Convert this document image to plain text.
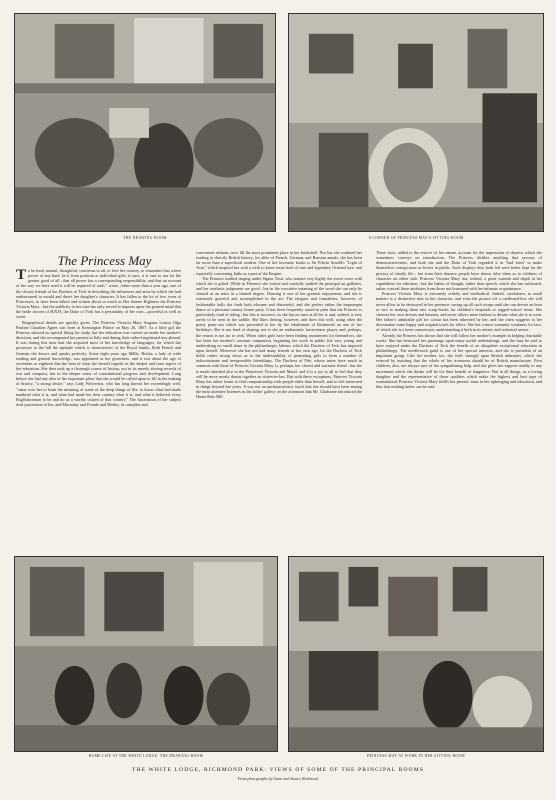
THE DRAWING-ROOM	A CORNER OF PRINCESS MAY'S SITTING-ROOM
The Princess May

To be kind, natural, thoughtful, courteous to all, to love her country, to remember that where power of any kind, be it from position or individual gifts, is ours, it is ours to use for the greater good of all ; that all power has a corresponding responsibility, and that an account of the way we have used it will be required of such," wrote, rather more than a year ago, one of the closest friends of the Duchess of Teck in describing the influences and aims by which she had endeavoured to mould and direct her daughter's character. It has fallen to the lot of few, even of Princesses, to have been talked and written about so much as Her Serene Highness the Princess Victoria Mary : but the publicity in her case has only served to impress upon the general mind that the bride chosen of H.R.H. the Duke of York has a personality of her own—powerful as well as sweet.

Biographical details are quickly given. The Princess Victoria Mary Augusta Louisa Olga Pauline Claudine Agnes was born at Kensington Palace on May 26, 1867. As a little girl the Princess showed no special liking for study, but her education was carried on under her mother's direction, and she accompanied her parents to Italy and during their rather lengthened stay abroad. It was during this time that she acquired most of her knowledge of languages, for which she possesses to the full the aptitude which is characteristic of the Royal family. Both French and German she knows and speaks perfectly. Some eight years ago Mdlle. Bricka, a lady of wide reading and general knowledge, was appointed as her governess, and it was about the age of seventeen or eighteen that the bent of what she herself regards as the deeper and truer aspect of her education. She then took up a thorough course of history, not in its merely stirring records of war and conquest, but in the deeper sense of constitutional progress and development. Long before she had any idea of the important place that she would be called upon to fill in the making of history, "a strong desire," says Lady Wolverton, who has long known her exceedingly well, "came over her to learn the meaning of some of the deep things of life, to know what had made mankind what it is, and what had made her dear country what it is, and what it behoved every Englishwoman to be and do as a worthy citizen of that country." The fascination of her subject took possession of her, and Macaulay and Froude and Motley, in complete and

convenient editions, now fill the most prominent place in her bookshelf. Nor has she confined her reading to directly British history, for alike of French, German, and Russian annals, she has been far more than a superficial student. One of her favourite books is Sir Edwin Arnold's "Light of Asia," which inspired her with a wish to know more both of true and legendary Oriental lore, and especially concerning India as a part of the Empire.

The Princess studied singing under Signor Tosti, who trained very highly the sweet voice with which she is gifted. While in Florence she visited and carefully studied the principal art galleries, and her aesthetic judgments are good ; but in the executive meaning of the word she can only be classed as an artist in a limited degree. Dancing is one of her greatest enjoyments, and she is extremely graceful and accomplished in the art. The fatigues and formalities, however, of fashionable balls she finds both irksome and distasteful, and she prefers rather the impromptu dance of a pleasant country house party. It has been frequently stated in print that the Princess is particularly fond of riding ; but this is incorrect, as she has no taste at all for it, and, indeed, is very rarely to be seen in the saddle. She likes driving, however, and does this well, using often the pretty pony-cart which was presented to her by the inhabitants of Richmond on one of her birthdays. She is not fond of skating, nor is she an enthusiastic lawn-tennis player, and, perhaps, the reason is not far to seek. When other girls have been finding amusement for themselves, she has been her mother's constant companion, beginning her work in public life very young and undertaking no small share in the philanthropic labours which the Duchess of Teck has imposed upon herself. Moreover she has not had many friends of her own age, for the Duchess of Teck holds rather strong views as to the undesirability of permitting girls to form a number of indiscriminate and irresponsible friendships. The Duchess of Fife, whose tastes have much in common with those of Princess Victoria Mary, is, perhaps, her closest and warmest friend ; but she is much attached also to the Princesses Victoria and Maud, and it is a joy to all to feel that they will be more nearly drawn together as sisters-in-law. But with these exceptions, Princess Victoria Mary has rather learnt to find companionship with people older than herself, and to feel interested in things beyond her years. It was not an uncharacteristic touch that she should have been among the most attentive listeners in the ladies' gallery on the afternoon that Mr. Gladstone introduced the Home Rule Bill.

These facts, added to the reserve of her nature, account for the impression of shyness which she sometimes conveys on introduction. The Princess dislikes anything that savours of demonstrativeness, and both she and the Duke of York regarded it as "bad form" to make themselves conspicuous as lovers in public. Such displays they both felt were better kept for the privacy of family life ; but from their absence people have drawn false ideas as to coldness of character on either side. Princess Victoria Mary has, indeed, a great warmth and depth in her capabilities for affection ; but the habits of thought, rather than speech, which she has cultivated, rather conceal these attributes from those not honoured with her intimate acquaintance.

Princess Victoria Mary is extremely orderly and methodical. Indeed, carefulness in small matters is a distinctive trait in her character, and even the picture off a cardboard-box she will never allow to be destroyed in her presence, saving up all such scraps until she can devote an hour or two to making them into scrap-books for children's hospitals or ragged-school treats. She chooses her own dresses and bonnets, and never allows mere fashion to dictate what she is to wear. Her father's admirable gift for colour has been inherited by her, and she often suggests to her dressmaker some happy and original touch for effect. She has a most womanly weakness for lace, of which she is a keen connoisseur, understanding it both in its artistic and technical senses.

Already the Princess has shown that she will follow her mother's example in helping charitable works. She has bestowed her patronage upon many useful undertakings, and she may be said to have enjoyed under the Duchess of Teck the benefit of an altogether exceptional education in philanthropy. The needlework guild is one of her special interests, and she is president of an important group. Like her mother, too, she feels strongly upon British industries, which she evinced by insisting that the whole of her trousseau should be of British manufacture. Poor children, also, are always sure of her sympathising help, and she gives her support readily to any movement which she thinks will be for their benefit or happiness. But in all things, as a loving daughter and the representative of those qualities which make the highest and best type of womanhood, Princess Victoria Mary fulfils her parents' aims in her upbringing and education, and thus that nothing better can be said.

HOME LIFE AT THE WHITE LODGE: THE DRAWING-ROOM	PRINCESS MAY AT WORK IN HER SITTING-ROOM
THE WHITE LODGE, RICHMOND PARK: VIEWS OF SOME OF THE PRINCIPAL ROOMS
From photographs by Gunn and Stuart, Richmond
